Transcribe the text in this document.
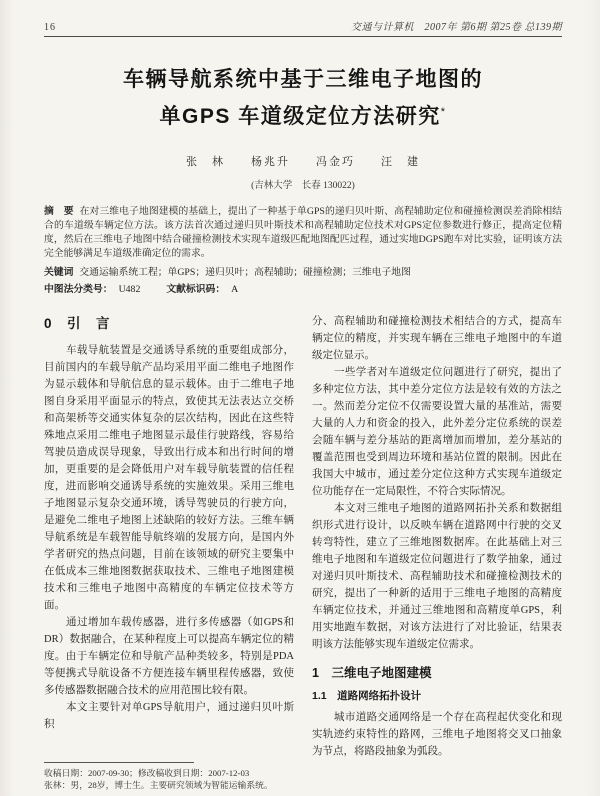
16	交通与计算机　2007年 第6期 第25卷 总139期
车辆导航系统中基于三维电子地图的
单GPS 车道级定位方法研究*
张　林　　杨兆升　　冯金巧　　汪　建
(吉林大学　长春 130022)
摘　要 在对三维电子地图建模的基础上，提出了一种基于单GPS的递归贝叶斯、高程辅助定位和碰撞检测误差消除相结合的车道级车辆定位方法。该方法首次通过递归贝叶斯技术和高程辅助定位技术对GPS定位参数进行修正，提高定位精度，然后在三维电子地图中结合碰撞检测技术实现车道级匹配地图配匹过程，通过实地DGPS跑车对比实验，证明该方法完全能够满足车道级准确定位的需求。
关键词 交通运输系统工程；单GPS；递归贝叶；高程辅助；碰撞检测；三维电子地图
中图法分类号： U482	文献标识码： A
0　引　言

车载导航装置是交通诱导系统的重要组成部分，目前国内的车载导航产品均采用平面二维电子地图作为显示载体和导航信息的显示载体。由于二维电子地图自身采用平面显示的特点，致使其无法表达立交桥和高架桥等交通实体复杂的层次结构，因此在这些特殊地点采用二维电子地图显示最佳行驶路线，容易给驾驶员造成误导现象，导致出行成本和出行时间的增加，更重要的是会降低用户对车载导航装置的信任程度，进而影响交通诱导系统的实施效果。采用三维电子地图显示复杂交通环境，诱导驾驶员的行驶方向，是避免二维电子地图上述缺陷的较好方法。三维车辆导航系统是车载智能导航终端的发展方向，是国内外学者研究的热点问题，目前在该领域的研究主要集中在低成本三维地图数据获取技术、三维电子地图建模技术和三维电子地图中高精度的车辆定位技术等方面。

通过增加车载传感器，进行多传感器（如GPS和DR）数据融合，在某种程度上可以提高车辆定位的精度。由于车辆定位和导航产品种类较多，特别是PDA等便携式导航设备不方便连接车辆里程传感器，致使多传感器数据融合技术的应用范围比较有限。

本文主要针对单GPS导航用户，通过递归贝叶斯积

分、高程辅助和碰撞检测技术相结合的方式，提高车辆定位的精度，并实现车辆在三维电子地图中的车道级定位显示。

一些学者对车道级定位问题进行了研究，提出了多种定位方法，其中差分定位方法是较有效的方法之一。然而差分定位不仅需要设置大量的基准站，需要大量的人力和资金的投入，此外差分定位系统的误差会随车辆与差分基站的距离增加而增加，差分基站的覆盖范围也受到周边环境和基站位置的限制。因此在我国大中城市，通过差分定位这种方式实现车道级定位功能存在一定局限性，不符合实际情况。

本文对三维电子地图的道路网拓扑关系和数据组织形式进行设计，以反映车辆在道路网中行驶的交叉转弯特性，建立了三维地图数据库。在此基础上对三维电子地图和车道级定位问题进行了数学抽象，通过对递归贝叶斯技术、高程辅助技术和碰撞检测技术的研究，提出了一种新的适用于三维电子地图的高精度车辆定位技术，并通过三维地图和高精度单GPS，利用实地跑车数据，对该方法进行了对比验证，结果表明该方法能够实现车道级定位需求。

1　三维电子地图建模
1.1　道路网络拓扑设计

城市道路交通网络是一个存在高程起伏变化和现实轨迹约束特性的路网，三维电子地图将交叉口抽象为节点，将路段抽象为弧段。

收稿日期：2007-09-30；修改稿收到日期：2007-12-03
张林：男，28岁，博士生。主要研究领域为智能运输系统。
